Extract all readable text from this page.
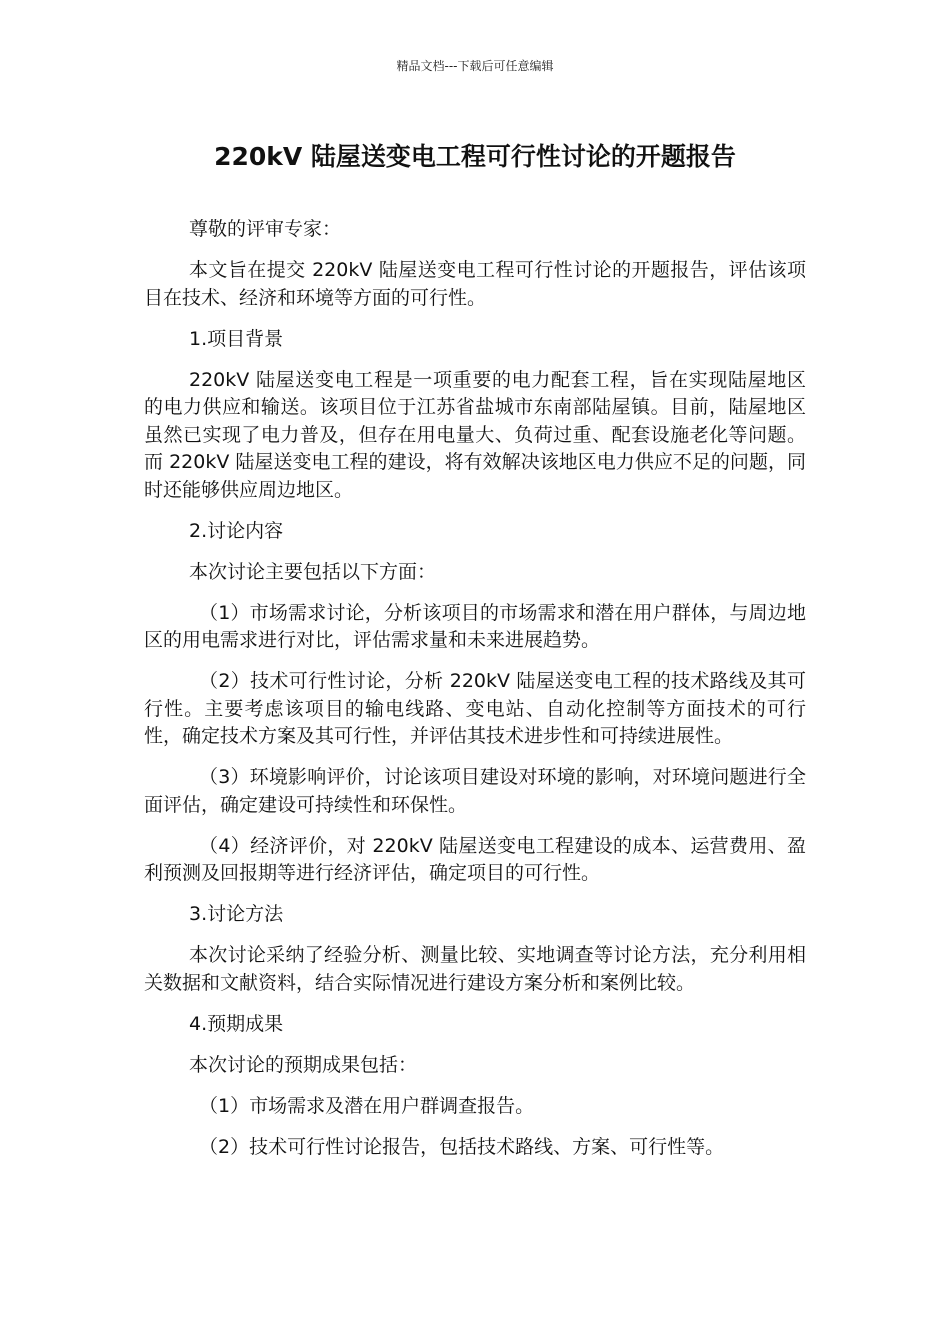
精品文档---下载后可任意编辑
220kV 陆屋送变电工程可行性讨论的开题报告

尊敬的评审专家：

本文旨在提交 220kV 陆屋送变电工程可行性讨论的开题报告，评估该项目在技术、经济和环境等方面的可行性。

1.项目背景

220kV 陆屋送变电工程是一项重要的电力配套工程，旨在实现陆屋地区的电力供应和输送。该项目位于江苏省盐城市东南部陆屋镇。目前，陆屋地区虽然已实现了电力普及，但存在用电量大、负荷过重、配套设施老化等问题。而 220kV 陆屋送变电工程的建设，将有效解决该地区电力供应不足的问题，同时还能够供应周边地区。

2.讨论内容

本次讨论主要包括以下方面：

（1）市场需求讨论，分析该项目的市场需求和潜在用户群体，与周边地区的用电需求进行对比，评估需求量和未来进展趋势。

（2）技术可行性讨论，分析 220kV 陆屋送变电工程的技术路线及其可行性。主要考虑该项目的输电线路、变电站、自动化控制等方面技术的可行性，确定技术方案及其可行性，并评估其技术进步性和可持续进展性。

（3）环境影响评价，讨论该项目建设对环境的影响，对环境问题进行全面评估，确定建设可持续性和环保性。

（4）经济评价，对 220kV 陆屋送变电工程建设的成本、运营费用、盈利预测及回报期等进行经济评估，确定项目的可行性。

3.讨论方法

本次讨论采纳了经验分析、测量比较、实地调查等讨论方法，充分利用相关数据和文献资料，结合实际情况进行建设方案分析和案例比较。

4.预期成果

本次讨论的预期成果包括：

（1）市场需求及潜在用户群调查报告。

（2）技术可行性讨论报告，包括技术路线、方案、可行性等。
